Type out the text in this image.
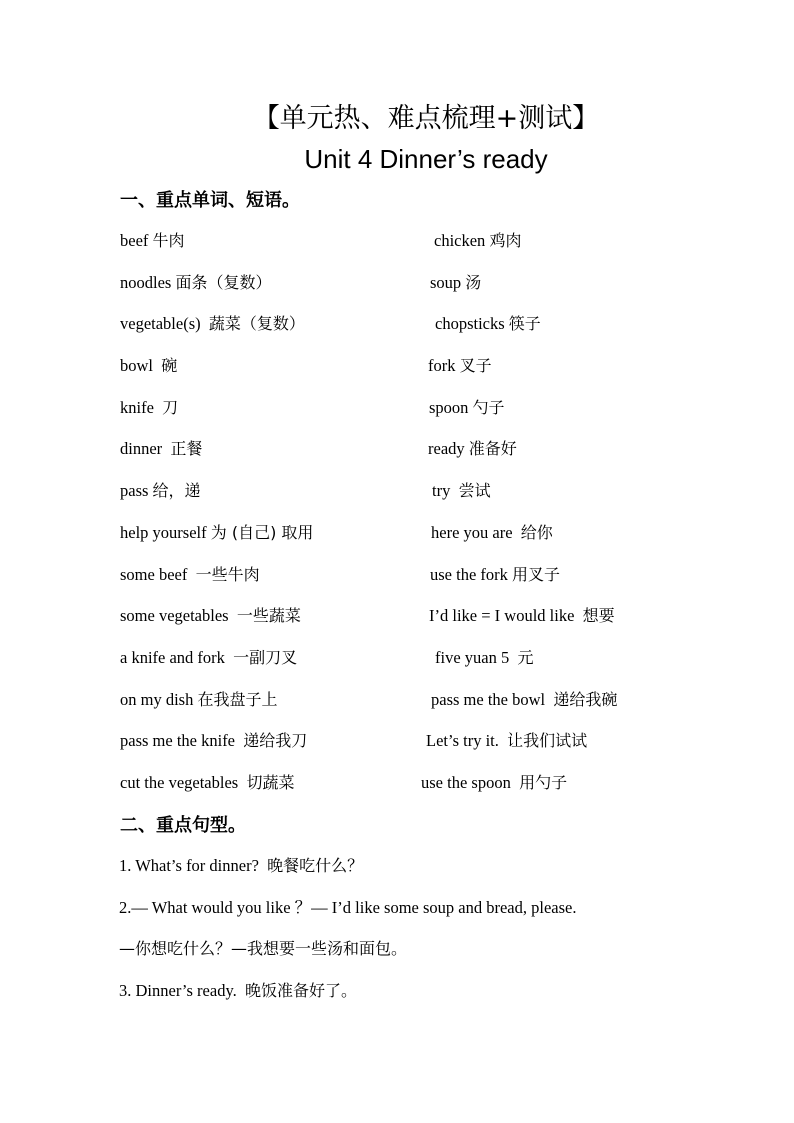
【单元热、难点梳理+测试】
Unit 4 Dinner’s ready
一、重点单词、短语。
beef 牛肉	chicken 鸡肉
noodles 面条（复数）	soup 汤
vegetable(s) 蔬菜（复数）	chopsticks 筷子
bowl 碗	fork 叉子
knife 刀	spoon 勺子
dinner 正餐	ready 准备好
pass 给，递	try 尝试
help yourself 为 (自己) 取用	here you are 给你
some beef 一些牛肉	use the fork 用叉子
some vegetables 一些蔬菜	I’d like = I would like 想要
a knife and fork 一副刀叉	five yuan 5 元
on my dish 在我盘子上	pass me the bowl 递给我碗
pass me the knife 递给我刀	Let’s try it. 让我们试试
cut the vegetables 切蔬菜	use the spoon 用勺子
二、重点句型。
1. What’s for dinner? 晚餐吃什么？
2.— What would you like ？— I’d like some soup and bread, please.
—你想吃什么？—我想要一些汤和面包。
3. Dinner’s ready. 晚饭准备好了。
